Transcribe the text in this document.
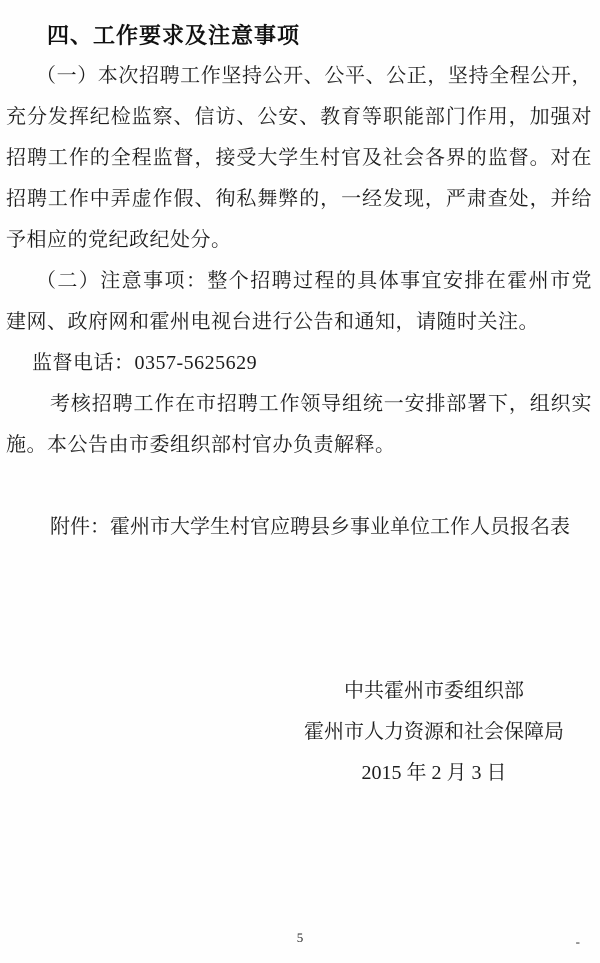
四、工作要求及注意事项
（一）本次招聘工作坚持公开、公平、公正，坚持全程公开，
充分发挥纪检监察、信访、公安、教育等职能部门作用，加强对
招聘工作的全程监督，接受大学生村官及社会各界的监督。对在
招聘工作中弄虚作假、徇私舞弊的，一经发现，严肃查处，并给
予相应的党纪政纪处分。
（二）注意事项：整个招聘过程的具体事宜安排在霍州市党
建网、政府网和霍州电视台进行公告和通知，请随时关注。
监督电话：0357-5625629
考核招聘工作在市招聘工作领导组统一安排部署下，组织实
施。本公告由市委组织部村官办负责解释。
附件：霍州市大学生村官应聘县乡事业单位工作人员报名表
中共霍州市委组织部
霍州市人力资源和社会保障局
2015 年 2 月 3 日
5	-
